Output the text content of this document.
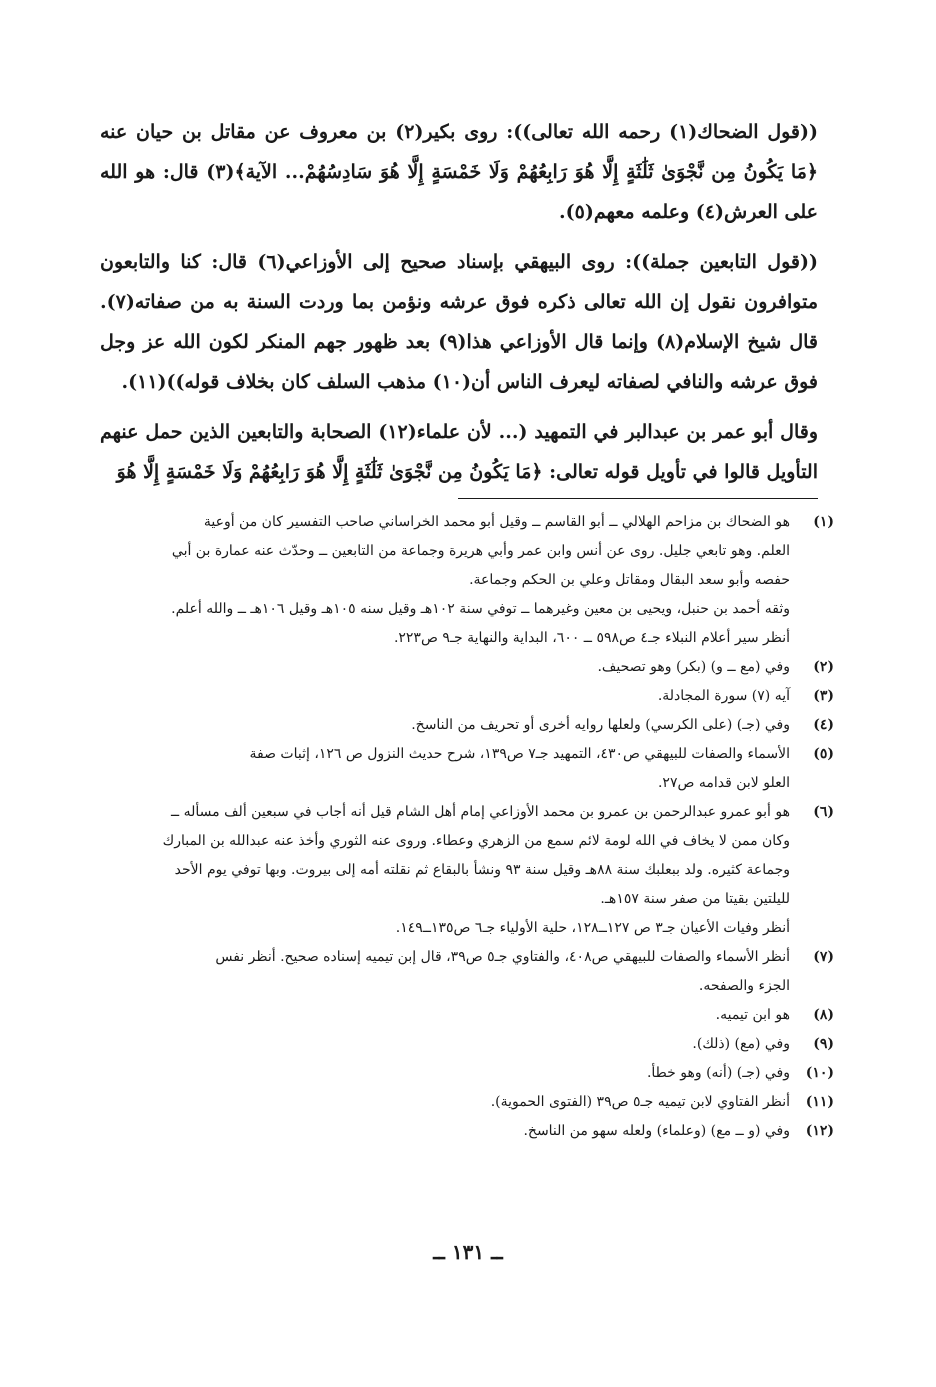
((قول الضحاك(١) رحمه الله تعالى)): روى بكير(٢) بن معروف عن مقاتل بن حيان عنه ﴿مَا يَكُونُ مِن نَّجْوَىٰ ثَلَٰثَةٍ إِلَّا هُوَ رَابِعُهُمْ وَلَا خَمْسَةٍ إِلَّا هُوَ سَادِسُهُمْ... الآية﴾(٣) قال: هو الله على العرش(٤) وعلمه معهم(٥).

((قول التابعين جملة)): روى البيهقي بإسناد صحيح إلى الأوزاعي(٦) قال: كنا والتابعون متوافرون نقول إن الله تعالى ذكره فوق عرشه ونؤمن بما وردت السنة به من صفاته(٧). قال شيخ الإسلام(٨) وإنما قال الأوزاعي هذا(٩) بعد ظهور جهم المنكر لكون الله عز وجل فوق عرشه والنافي لصفاته ليعرف الناس أن(١٠) مذهب السلف كان بخلاف قوله))(١١).

وقال أبو عمر بن عبدالبر في التمهيد (... لأن علماء(١٢) الصحابة والتابعين الذين حمل عنهم التأويل قالوا في تأويل قوله تعالى: ﴿مَا يَكُونُ مِن نَّجْوَىٰ ثَلَٰثَةٍ إِلَّا هُوَ رَابِعُهُمْ وَلَا خَمْسَةٍ إِلَّا هُوَ

(١)
هو الضحاك بن مزاحم الهلالي ــ أبو القاسم ــ وقيل أبو محمد الخراساني صاحب التفسير كان من أوعية
العلم. وهو تابعي جليل. روى عن أنس وابن عمر وأبي هريرة وجماعة من التابعين ــ وحدّث عنه عمارة بن أبي
حفصه وأبو سعد البقال ومقاتل وعلي بن الحكم وجماعة.
وثقه أحمد بن حنبل، ويحيى بن معين وغيرهما ــ توفي سنة ١٠٢هـ وقيل سنه ١٠٥هـ وقيل ١٠٦هـ ــ والله أعلم.
أنظر سير أعلام النبلاء جـ٤ ص٥٩٨ ــ ٦٠٠، البداية والنهاية جـ٩ ص٢٢٣.
(٢)
وفي (مع ــ و) (بكر) وهو تصحيف.
(٣)
آيه (٧) سورة المجادلة.
(٤)
وفي (جـ) (على الكرسي) ولعلها روايه أخرى أو تحريف من الناسخ.
(٥)
الأسماء والصفات للبيهقي ص٤٣٠، التمهيد جـ٧ ص١٣٩، شرح حديث النزول ص ١٢٦، إثبات صفة
العلو لابن قدامه ص٢٧.
(٦)
هو أبو عمرو عبدالرحمن بن عمرو بن محمد الأوزاعي إمام أهل الشام قيل أنه أجاب في سبعين ألف مسأله ــ
وكان ممن لا يخاف في الله لومة لائم سمع من الزهري وعطاء. وروى عنه الثوري وأخذ عنه عبدالله بن المبارك
وجماعة كثيره. ولد ببعلبك سنة ٨٨هـ وقيل سنة ٩٣ ونشأ بالبقاع ثم نقلته أمه إلى بيروت. وبها توفي يوم الأحد
لليلتين بقيتا من صفر سنة ١٥٧هـ.
أنظر وفيات الأعيان جـ٣ ص ١٢٧ــ١٢٨، حلية الأولياء جـ٦ ص١٣٥ــ١٤٩.
(٧)
أنظر الأسماء والصفات للبيهقي ص٤٠٨، والفتاوي جـ٥ ص٣٩، قال إبن تيميه إسناده صحيح. أنظر نفس
الجزء والصفحه.
(٨)
هو ابن تيميه.
(٩)
وفي (مع) (ذلك).
(١٠)
وفي (جـ) (أنه) وهو خطأ.
(١١)
أنظر الفتاوي لابن تيميه جـ٥ ص٣٩ (الفتوى الحموية).
(١٢)
وفي (و ــ مع) (وعلماء) ولعله سهو من الناسخ.
ــ ١٣١ ــ
